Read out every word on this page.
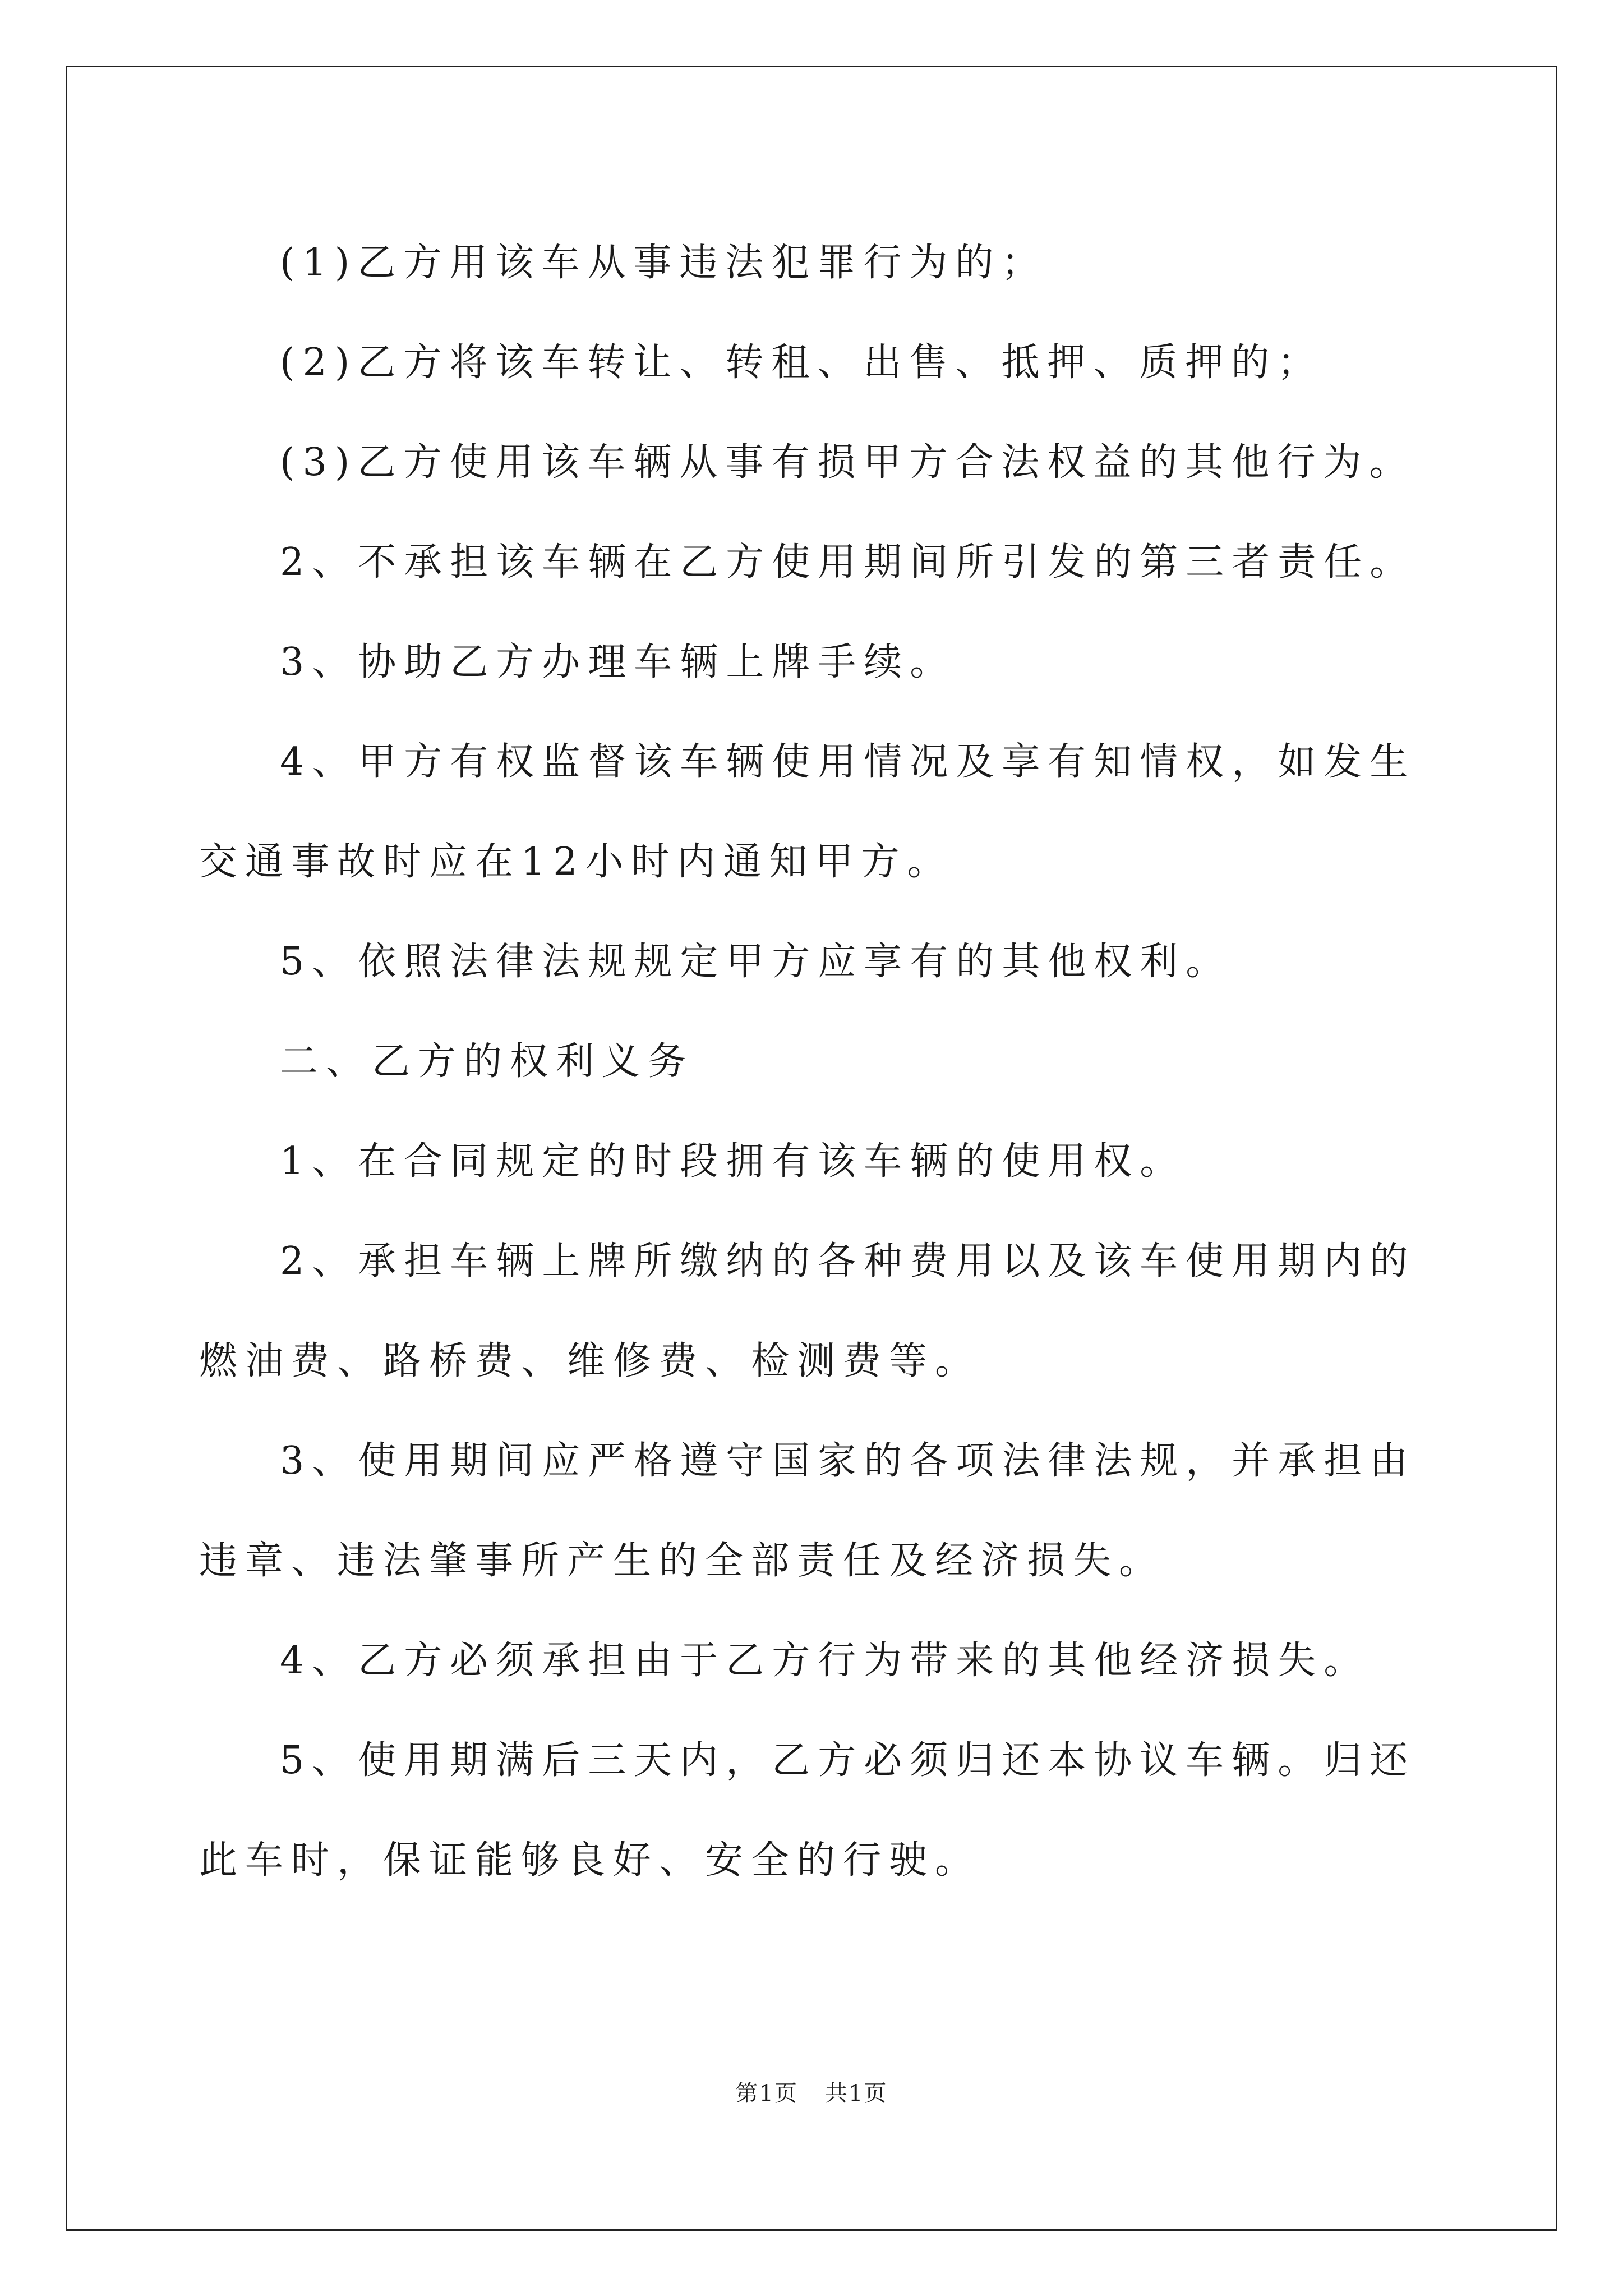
(1)乙方用该车从事违法犯罪行为的；

(2)乙方将该车转让、转租、出售、抵押、质押的；

(3)乙方使用该车辆从事有损甲方合法权益的其他行为。

2、不承担该车辆在乙方使用期间所引发的第三者责任。

3、协助乙方办理车辆上牌手续。

4、甲方有权监督该车辆使用情况及享有知情权，如发生交通事故时应在12小时内通知甲方。

5、依照法律法规规定甲方应享有的其他权利。

二、乙方的权利义务

1、在合同规定的时段拥有该车辆的使用权。

2、承担车辆上牌所缴纳的各种费用以及该车使用期内的燃油费、路桥费、维修费、检测费等。

3、使用期间应严格遵守国家的各项法律法规，并承担由违章、违法肇事所产生的全部责任及经济损失。

4、乙方必须承担由于乙方行为带来的其他经济损失。

5、使用期满后三天内，乙方必须归还本协议车辆。归还此车时，保证能够良好、安全的行驶。

第1页 共1页
